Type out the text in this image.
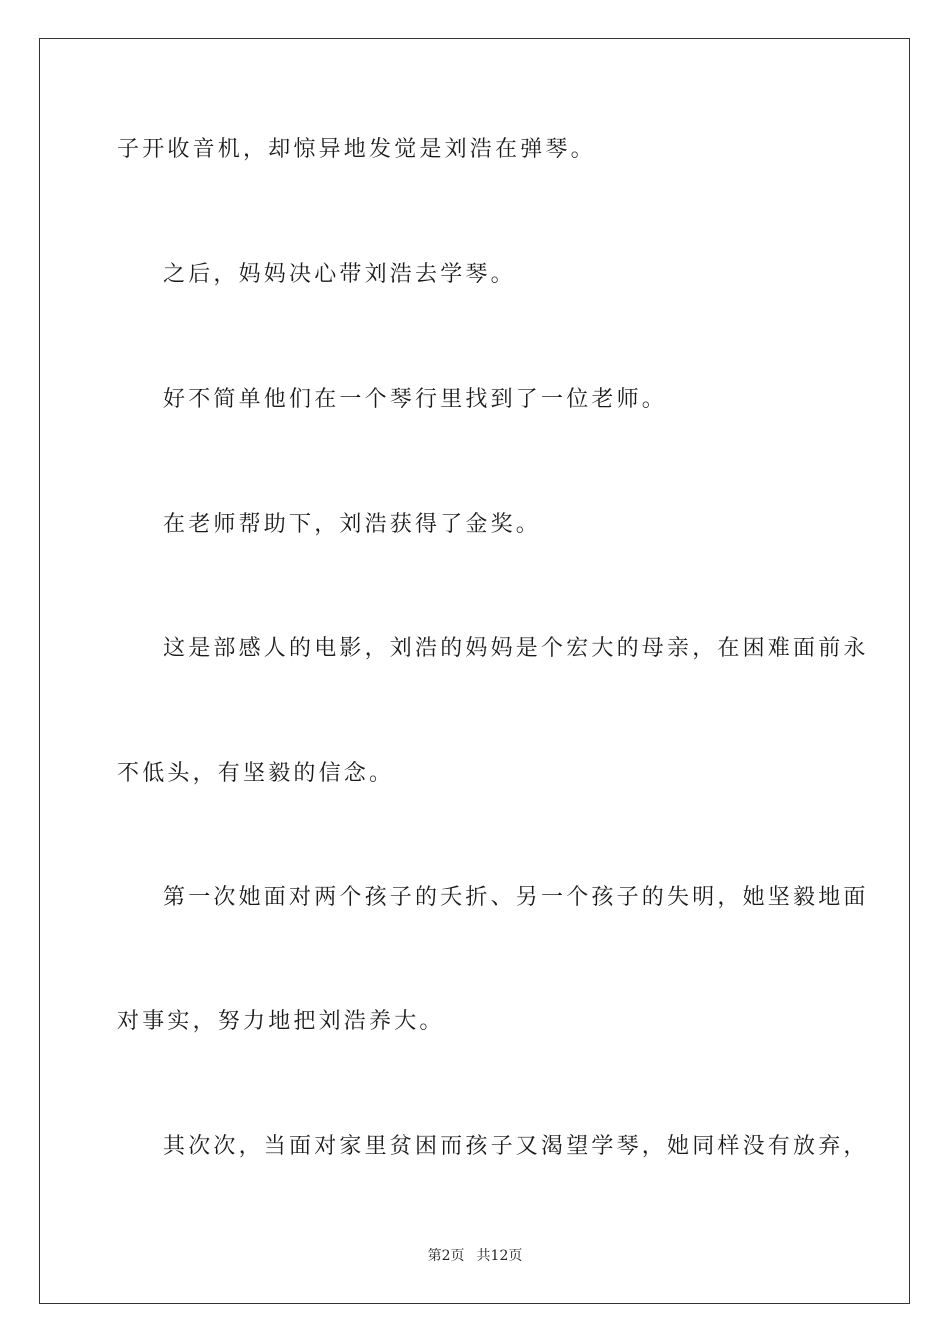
子开收音机，却惊异地发觉是刘浩在弹琴。

之后，妈妈决心带刘浩去学琴。

好不简单他们在一个琴行里找到了一位老师。

在老师帮助下，刘浩获得了金奖。

这是部感人的电影，刘浩的妈妈是个宏大的母亲，在困难面前永

不低头，有坚毅的信念。

第一次她面对两个孩子的夭折、另一个孩子的失明，她坚毅地面

对事实，努力地把刘浩养大。

其次次，当面对家里贫困而孩子又渴望学琴，她同样没有放弃，

第2页 共12页
